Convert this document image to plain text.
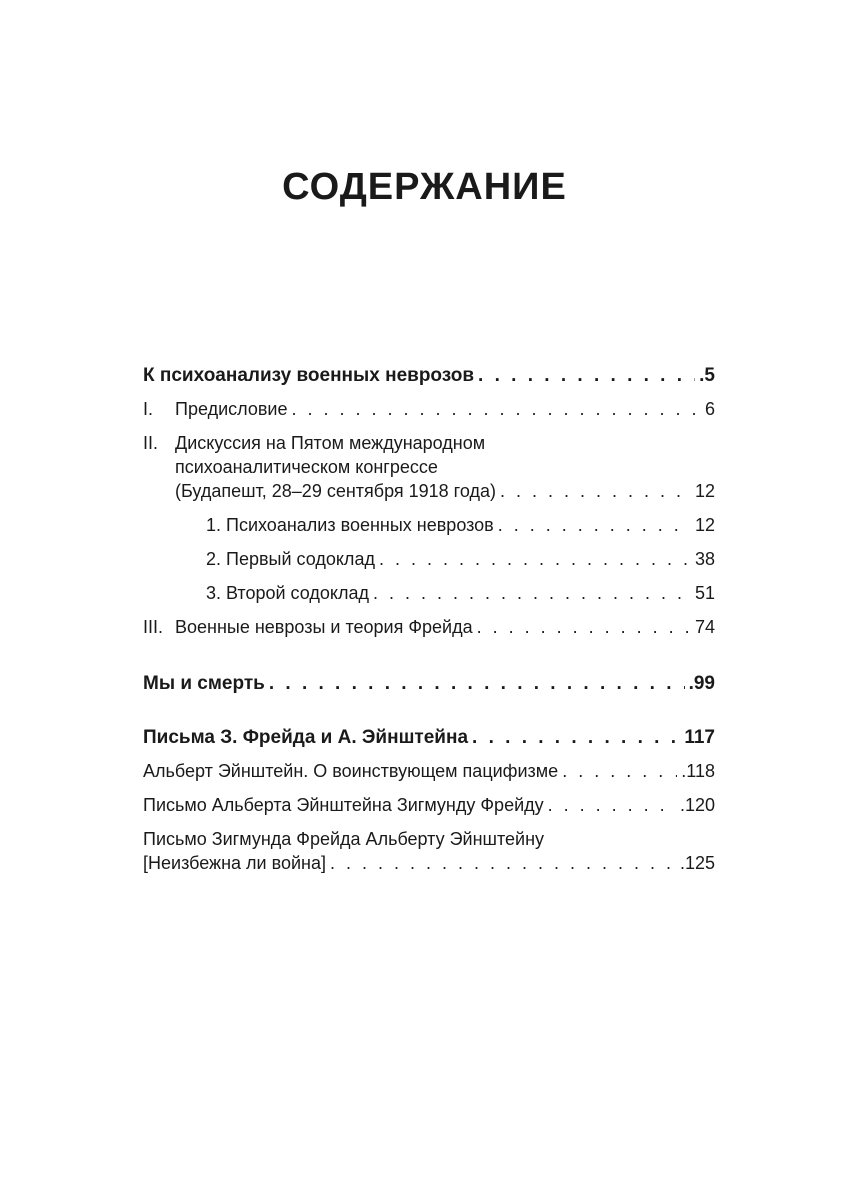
СОДЕРЖАНИЕ
К психоанализу военных неврозов . . .	.5
I. Предисловие . . .	6
II. Дискуссия на Пятом международном
психоаналитическом конгрессе
(Будапешт, 28–29 сентября 1918 года) . . .	12
1. Психоанализ военных неврозов . . .	12
2. Первый содоклад . . .	38
3. Второй содоклад . . .	51
III. Военные неврозы и теория Фрейда . . .	74
Мы и смерть . . .	.99
Письма З. Фрейда и А. Эйнштейна . . .	117
Альберт Эйнштейн. О воинствующем пацифизме . . .	.118
Письмо Альберта Эйнштейна Зигмунду Фрейду . . .	.120
Письмо Зигмунда Фрейда Альберту Эйнштейну
[Неизбежна ли война] . . .	.125
